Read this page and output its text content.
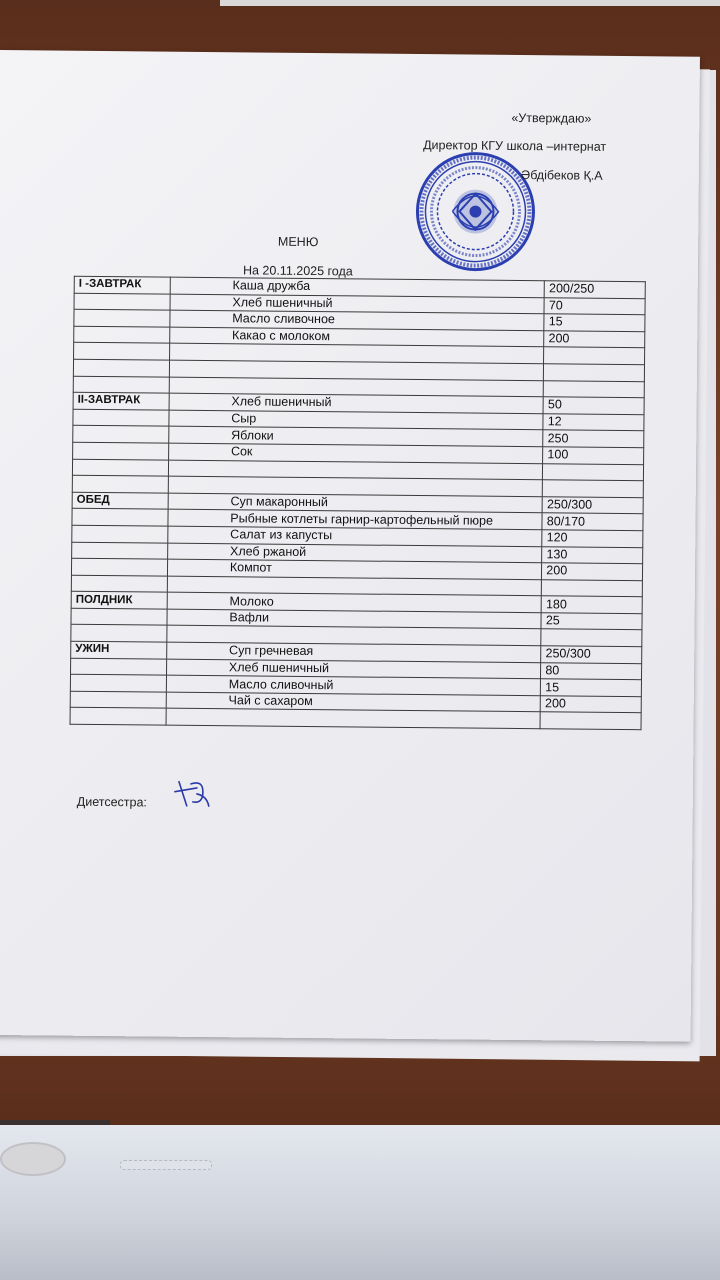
«Утверждаю»
Директор КГУ школа –интернат
Әбдібеков Қ.А
МЕНЮ
На 20.11.2025 года
I -ЗАВТРАК	Каша дружба	200/250
	Хлеб пшеничный	70
	Масло сливочное	15
	Какао с молоком	200

II-ЗАВТРАК	Хлеб пшеничный	50
	Сыр	12
	Яблоки	250
	Сок	100

ОБЕД	Суп макаронный	250/300
	Рыбные котлеты гарнир-картофельный пюре	80/170
	Салат из капусты	120
	Хлеб ржаной	130
	Компот	200

ПОЛДНИК	Молоко	180
	Вафли	25

УЖИН	Суп гречневая	250/300
	Хлеб пшеничный	80
	Масло сливочный	15
	Чай с сахаром	200

Диетсестра:
